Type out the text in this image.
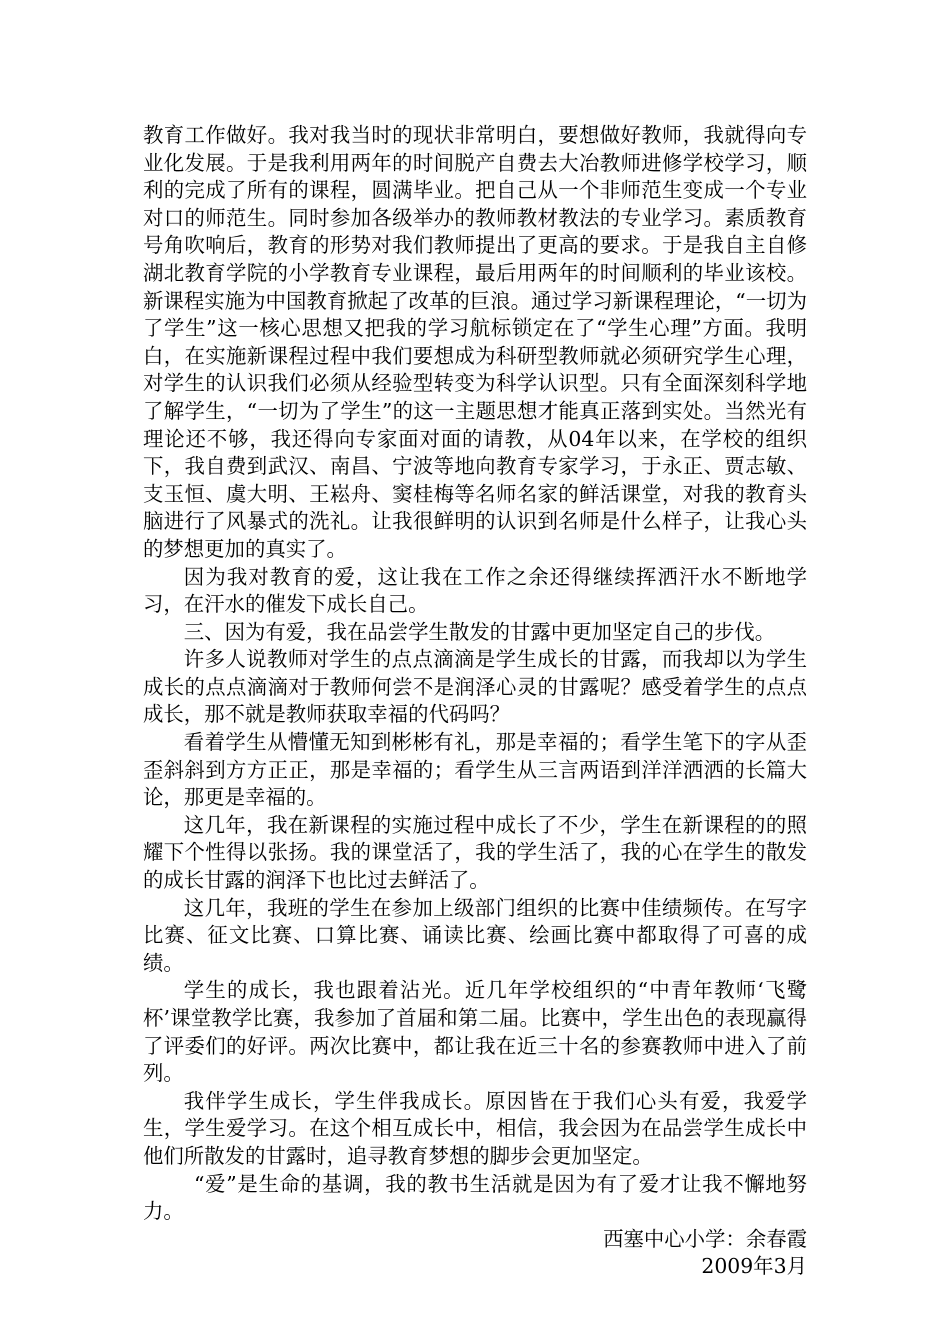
教育工作做好。我对我当时的现状非常明白，要想做好教师，我就得向专业化发展。于是我利用两年的时间脱产自费去大冶教师进修学校学习，顺利的完成了所有的课程，圆满毕业。把自己从一个非师范生变成一个专业对口的师范生。同时参加各级举办的教师教材教法的专业学习。素质教育号角吹响后，教育的形势对我们教师提出了更高的要求。于是我自主自修湖北教育学院的小学教育专业课程，最后用两年的时间顺利的毕业该校。新课程实施为中国教育掀起了改革的巨浪。通过学习新课程理论，“一切为了学生”这一核心思想又把我的学习航标锁定在了“学生心理”方面。我明白，在实施新课程过程中我们要想成为科研型教师就必须研究学生心理，对学生的认识我们必须从经验型转变为科学认识型。只有全面深刻科学地了解学生，“一切为了学生”的这一主题思想才能真正落到实处。当然光有理论还不够，我还得向专家面对面的请教，从04年以来，在学校的组织下，我自费到武汉、南昌、宁波等地向教育专家学习，于永正、贾志敏、支玉恒、虞大明、王崧舟、窦桂梅等名师名家的鲜活课堂，对我的教育头脑进行了风暴式的洗礼。让我很鲜明的认识到名师是什么样子，让我心头的梦想更加的真实了。

因为我对教育的爱，这让我在工作之余还得继续挥洒汗水不断地学习，在汗水的催发下成长自己。

三、因为有爱，我在品尝学生散发的甘露中更加坚定自己的步伐。

许多人说教师对学生的点点滴滴是学生成长的甘露，而我却以为学生成长的点点滴滴对于教师何尝不是润泽心灵的甘露呢？感受着学生的点点成长，那不就是教师获取幸福的代码吗？

看着学生从懵懂无知到彬彬有礼，那是幸福的；看学生笔下的字从歪歪斜斜到方方正正，那是幸福的；看学生从三言两语到洋洋洒洒的长篇大论，那更是幸福的。

这几年，我在新课程的实施过程中成长了不少，学生在新课程的的照耀下个性得以张扬。我的课堂活了，我的学生活了，我的心在学生的散发的成长甘露的润泽下也比过去鲜活了。

这几年，我班的学生在参加上级部门组织的比赛中佳绩频传。在写字比赛、征文比赛、口算比赛、诵读比赛、绘画比赛中都取得了可喜的成绩。

学生的成长，我也跟着沾光。近几年学校组织的“中青年教师‘飞鹭杯’课堂教学比赛，我参加了首届和第二届。比赛中，学生出色的表现赢得了评委们的好评。两次比赛中，都让我在近三十名的参赛教师中进入了前列。

我伴学生成长，学生伴我成长。原因皆在于我们心头有爱，我爱学生，学生爱学习。在这个相互成长中，相信，我会因为在品尝学生成长中他们所散发的甘露时，追寻教育梦想的脚步会更加坚定。

“爱”是生命的基调，我的教书生活就是因为有了爱才让我不懈地努力。

西塞中心小学：余春霞

2009年3月
